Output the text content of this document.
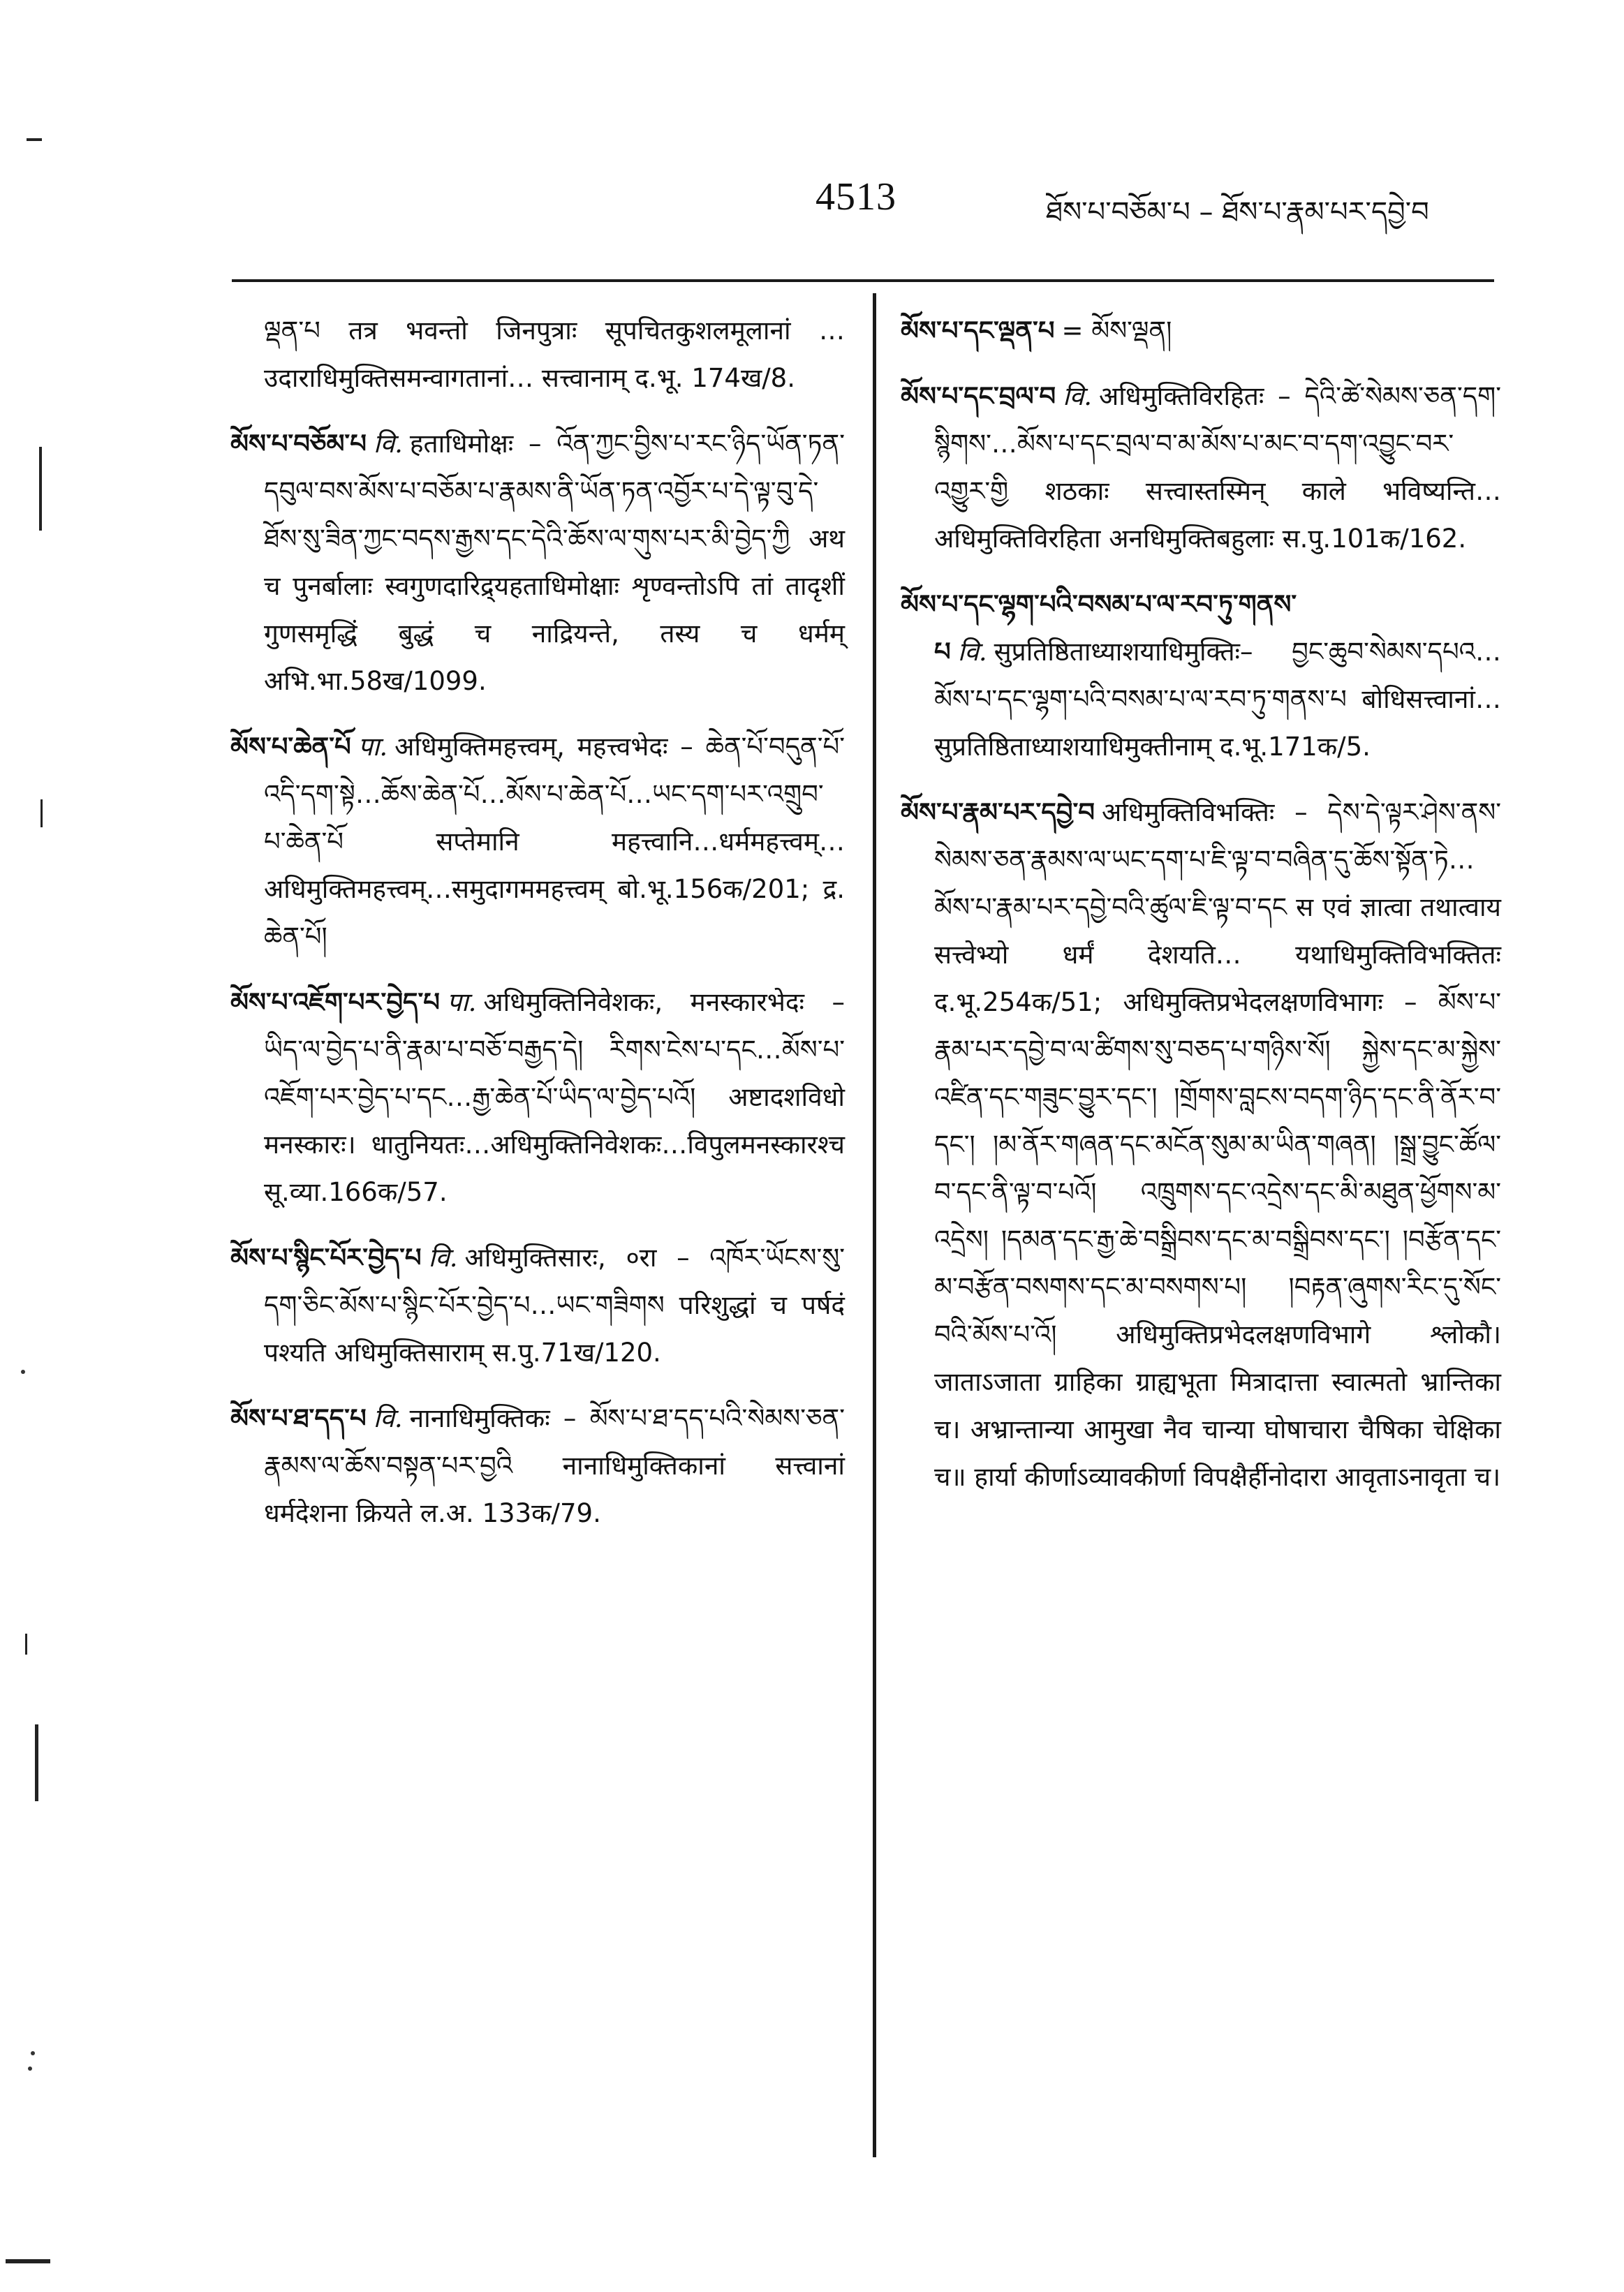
4513	ཐོས་པ་བཅོམ་པ – ཐོས་པ་རྣམ་པར་དབྱེ་བ

ལྡན་པ तत्र भवन्तो जिनपुत्राः सूपचितकुशलमूलानां … उदाराधिमुक्तिसमन्वागतानां… सत्त्वानाम् द.भू. 174ख/8.

མོས་པ་བཅོམ་པ वि. हताधिमोक्षः – འོན་ཀྱང་བྱིས་པ་རང་ཉིད་ཡོན་ཏན་དབུལ་བས་མོས་པ་བཅོམ་པ་རྣམས་ནི་ཡོན་ཏན་འབྱོར་པ་དེ་ལྟ་བུ་དེ་ཐོས་སུ་ཟིན་ཀྱང་བདས་རྒྱས་དང་དེའི་ཆོས་ལ་གུས་པར་མི་བྱེད་ཀྱི अथ च पुनर्बालाः स्वगुणदारिद्र्यहताधिमोक्षाः शृण्वन्तोऽपि तां तादृशीं गुणसमृद्धिं बुद्धं च नाद्रियन्ते, तस्य च धर्मम् अभि.भा.58ख/1099.

མོས་པ་ཆེན་པོ पा. अधिमुक्तिमहत्त्वम्, महत्त्वभेदः – ཆེན་པོ་བདུན་པོ་འདི་དག་སྟེ…ཆོས་ཆེན་པོ…མོས་པ་ཆེན་པོ…ཡང་དག་པར་འགྲུབ་པ་ཆེན་པོ सप्तेमानि महत्त्वानि…धर्ममहत्त्वम्…अधिमुक्तिमहत्त्वम्…समुदागममहत्त्वम् बो.भू.156क/201; द्र. ཆེན་པོ།

མོས་པ་འཇོག་པར་བྱེད་པ पा. अधिमुक्तिनिवेशकः, मनस्कारभेदः – ཡིད་ལ་བྱེད་པ་ནི་རྣམ་པ་བཅོ་བརྒྱད་དེ། རིགས་ངེས་པ་དང…མོས་པ་འཇོག་པར་བྱེད་པ་དང…རྒྱ་ཆེན་པོ་ཡིད་ལ་བྱེད་པའོ། अष्टादशविधो मनस्कारः। धातुनियतः…अधिमुक्तिनिवेशकः…विपुलमनस्कारश्च सू.व्या.166क/57.

མོས་པ་སྙིང་པོར་བྱེད་པ वि. अधिमुक्तिसारः, ०रा – འཁོར་ཡོངས་སུ་དག་ཅིང་མོས་པ་སྙིང་པོར་བྱེད་པ…ཡང་གཟིགས परिशुद्धां च पर्षदं पश्यति अधिमुक्तिसाराम् स.पु.71ख/120.

མོས་པ་ཐ་དད་པ वि. नानाधिमुक्तिकः – མོས་པ་ཐ་དད་པའི་སེམས་ཅན་རྣམས་ལ་ཆོས་བསྟན་པར་བྱའི नानाधिमुक्तिकानां सत्त्वानां धर्मदेशना क्रियते ल.अ. 133क/79.

མོས་པ་དང་ལྡན་པ = མོས་ལྡན།

མོས་པ་དང་བྲལ་བ वि. अधिमुक्तिविरहितः – དེའི་ཚེ་སེམས་ཅན་དག་སྙིགས་…མོས་པ་དང་བྲལ་བ་མ་མོས་པ་མང་བ་དག་འབྱུང་བར་འགྱུར་གྱི शठकाः सत्त्वास्तस्मिन् काले भविष्यन्ति…अधिमुक्तिविरहिता अनधिमुक्तिबहुलाः स.पु.101क/162.

མོས་པ་དང་ལྷག་པའི་བསམ་པ་ལ་རབ་ཏུ་གནས་པ वि. सुप्रतिष्ठिताध्याशयाधिमुक्तिः– བྱང་ཆུབ་སེམས་དཔའ…མོས་པ་དང་ལྷག་པའི་བསམ་པ་ལ་རབ་ཏུ་གནས་པ बोधिसत्त्वानां…सुप्रतिष्ठिताध्याशयाधिमुक्तीनाम् द.भू.171क/5.

མོས་པ་རྣམ་པར་དབྱེ་བ अधिमुक्तिविभक्तिः – དེས་དེ་ལྟར་ཤེས་ནས་སེམས་ཅན་རྣམས་ལ་ཡང་དག་པ་ཇི་ལྟ་བ་བཞིན་དུ་ཆོས་སྟོན་ཏེ…མོས་པ་རྣམ་པར་དབྱེ་བའི་ཚུལ་ཇི་ལྟ་བ་དང स एवं ज्ञात्वा तथात्वाय सत्त्वेभ्यो धर्मं देशयति… यथाधिमुक्तिविभक्तितः द.भू.254क/51; अधिमुक्तिप्रभेदलक्षणविभागः – མོས་པ་རྣམ་པར་དབྱེ་བ་ལ་ཚིགས་སུ་བཅད་པ་གཉིས་སོ། སྐྱེས་དང་མ་སྐྱེས་འཛིན་དང་གཟུང་བྱུར་དང་། །གྲོགས་བླངས་བདག་ཉིད་དང་ནི་ནོར་བ་དང་། །མ་ནོར་གཞན་དང་མངོན་སུམ་མ་ཡིན་གཞན། །སྒྲ་བྱུང་ཚོལ་བ་དང་ནི་ལྟ་བ་པའོ། འཁྲུགས་དང་འདྲེས་དང་མི་མཐུན་ཕྱོགས་མ་འདྲེས། །དམན་དང་རྒྱ་ཆེ་བསྒྲིབས་དང་མ་བསྒྲིབས་དང་། །བརྩོན་དང་མ་བརྩོན་བསགས་དང་མ་བསགས་པ། །བརྟན་ཞུགས་རིང་དུ་སོང་བའི་མོས་པ་འོ། अधिमुक्तिप्रभेदलक्षणविभागे श्लोकौ। जाताऽजाता ग्राहिका ग्राह्यभूता मित्रादात्ता स्वात्मतो भ्रान्तिका च। अभ्रान्तान्या आमुखा नैव चान्या घोषाचारा चैषिका चेक्षिका च॥ हार्या कीर्णाऽव्यावकीर्णा विपक्षैर्हीनोदारा आवृताऽनावृता च।
